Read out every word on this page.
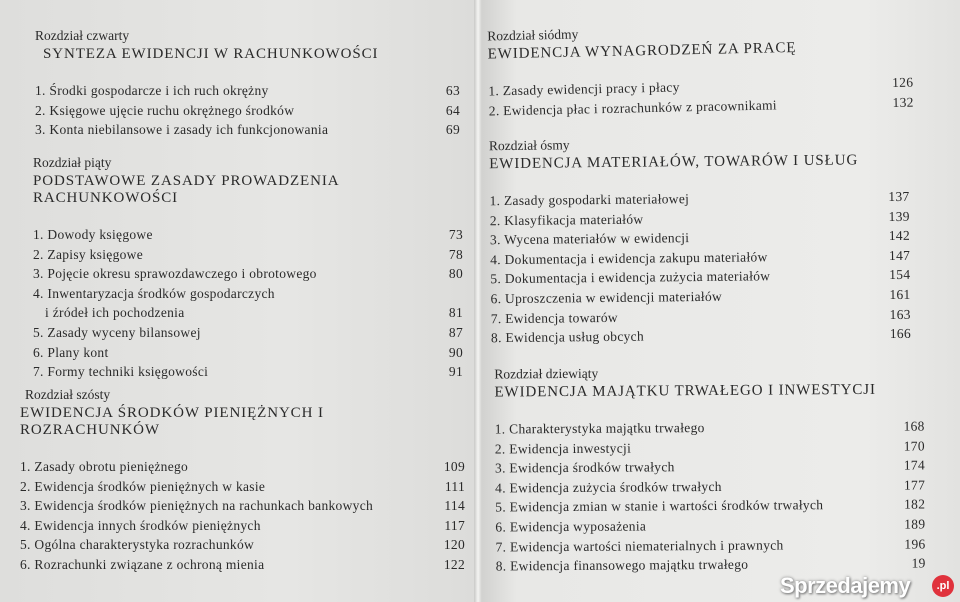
Rozdział czwarty
SYNTEZA EWIDENCJI W RACHUNKOWOŚCI
1. Środki gospodarcze i ich ruch okrężny	63
2. Księgowe ujęcie ruchu okrężnego środków	64
3. Konta niebilansowe i zasady ich funkcjonowania	69
Rozdział piąty
PODSTAWOWE ZASADY PROWADZENIA RACHUNKOWOŚCI
1. Dowody księgowe	73
2. Zapisy księgowe	78
3. Pojęcie okresu sprawozdawczego i obrotowego	80
4. Inwentaryzacja środków gospodarczych
i źródeł ich pochodzenia	81
5. Zasady wyceny bilansowej	87
6. Plany kont	90
7. Formy techniki księgowości	91
Rozdział szósty
EWIDENCJA ŚRODKÓW PIENIĘŻNYCH I ROZRACHUNKÓW
1. Zasady obrotu pieniężnego	109
2. Ewidencja środków pieniężnych w kasie	111
3. Ewidencja środków pieniężnych na rachunkach bankowych	114
4. Ewidencja innych środków pieniężnych	117
5. Ogólna charakterystyka rozrachunków	120
6. Rozrachunki związane z ochroną mienia	122
Rozdział siódmy
EWIDENCJA WYNAGRODZEŃ ZA PRACĘ
1. Zasady ewidencji pracy i płacy	126
2. Ewidencja płac i rozrachunków z pracownikami	132
Rozdział ósmy
EWIDENCJA MATERIAŁÓW, TOWARÓW I USŁUG
1. Zasady gospodarki materiałowej	137
2. Klasyfikacja materiałów	139
3. Wycena materiałów w ewidencji	142
4. Dokumentacja i ewidencja zakupu materiałów	147
5. Dokumentacja i ewidencja zużycia materiałów	154
6. Uproszczenia w ewidencji materiałów	161
7. Ewidencja towarów	163
8. Ewidencja usług obcych	166
Rozdział dziewiąty
EWIDENCJA MAJĄTKU TRWAŁEGO I INWESTYCJI
1. Charakterystyka majątku trwałego	168
2. Ewidencja inwestycji	170
3. Ewidencja środków trwałych	174
4. Ewidencja zużycia środków trwałych	177
5. Ewidencja zmian w stanie i wartości środków trwałych	182
6. Ewidencja wyposażenia	189
7. Ewidencja wartości niematerialnych i prawnych	196
8. Ewidencja finansowego majątku trwałego	19
Sprzedajemy	.pl
